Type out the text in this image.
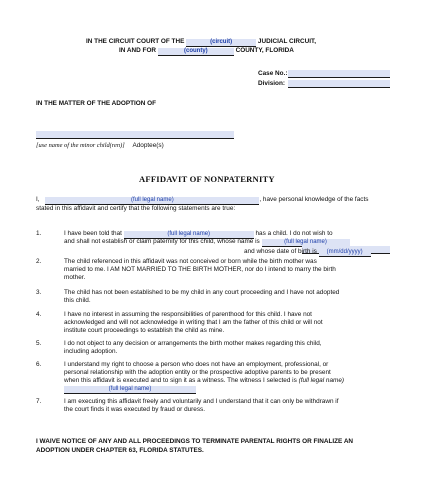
IN THE CIRCUIT COURT OF THE	(circuit)	JUDICIAL CIRCUIT,
IN AND FOR	(county)	COUNTY, FLORIDA
Case No.:
Division:
IN THE MATTER OF THE ADOPTION OF
[use name of the minor child(ren)] Adoptee(s)
AFFIDAVIT OF NONPATERNITY
I,	(full legal name)	, have personal knowledge of the facts
stated in this affidavit and certify that the following statements are true:
1.	I have been told that	(full legal name)	has a child. I do not wish to
and shall not establish or claim paternity for this child, whose name is	(full legal name)
and whose date of birth is (mm/dd/yyyy)
2.	The child referenced in this affidavit was not conceived or born while the birth mother was
married to me. I AM NOT MARRIED TO THE BIRTH MOTHER, nor do I intend to marry the birth
mother.
3.	The child has not been established to be my child in any court proceeding and I have not adopted
this child.
4.	I have no interest in assuming the responsibilities of parenthood for this child. I have not
acknowledged and will not acknowledge in writing that I am the father of this child or will not
institute court proceedings to establish the child as mine.
5.	I do not object to any decision or arrangements the birth mother makes regarding this child,
including adoption.
6.	I understand my right to choose a person who does not have an employment, professional, or
personal relationship with the adoption entity or the prospective adoptive parents to be present
when this affidavit is executed and to sign it as a witness. The witness I selected is (full legal name)
(full legal name)
7.	I am executing this affidavit freely and voluntarily and I understand that it can only be withdrawn if
the court finds it was executed by fraud or duress.
I WAIVE NOTICE OF ANY AND ALL PROCEEDINGS TO TERMINATE PARENTAL RIGHTS OR FINALIZE AN
ADOPTION UNDER CHAPTER 63, FLORIDA STATUTES.
